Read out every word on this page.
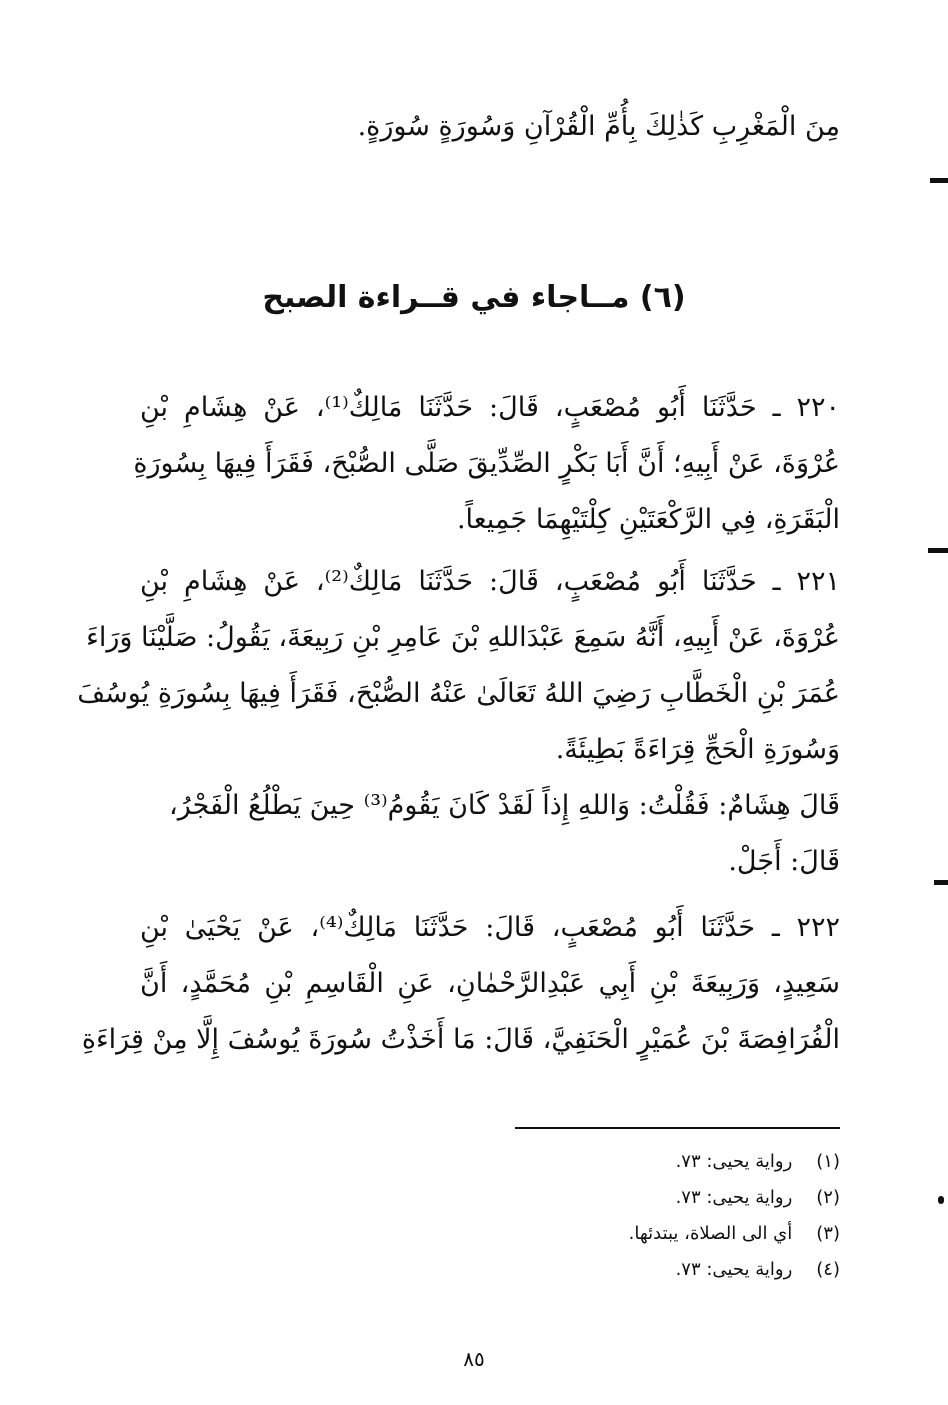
مِنَ الْمَغْرِبِ كَذٰلِكَ بِأُمِّ الْقُرْآنِ وَسُورَةٍ سُورَةٍ.
(٦) مــاجاء في قــراءة الصبح
٢٢٠ ـ حَدَّثَنَا أَبُو مُصْعَبٍ، قَالَ: حَدَّثَنَا مَالِكٌ⁽¹⁾، عَنْ هِشَامِ بْنِ
عُرْوَةَ، عَنْ أَبِيهِ؛ أَنَّ أَبَا بَكْرٍ الصِّدِّيقَ صَلَّى الصُّبْحَ، فَقَرَأَ فِيهَا بِسُورَةِ
الْبَقَرَةِ، فِي الرَّكْعَتَيْنِ كِلْتَيْهِمَا جَمِيعاً.
٢٢١ ـ حَدَّثَنَا أَبُو مُصْعَبٍ، قَالَ: حَدَّثَنَا مَالِكٌ⁽²⁾، عَنْ هِشَامِ بْنِ
عُرْوَةَ، عَنْ أَبِيهِ، أَنَّهُ سَمِعَ عَبْدَاللهِ بْنَ عَامِرِ بْنِ رَبِيعَةَ، يَقُولُ: صَلَّيْنَا وَرَاءَ
عُمَرَ بْنِ الْخَطَّابِ رَضِيَ اللهُ تَعَالَىٰ عَنْهُ الصُّبْحَ، فَقَرَأَ فِيهَا بِسُورَةِ يُوسُفَ
وَسُورَةِ الْحَجِّ قِرَاءَةً بَطِيئَةً.
قَالَ هِشَامٌ: فَقُلْتُ: وَاللهِ إِذاً لَقَدْ كَانَ يَقُومُ⁽³⁾ حِينَ يَطْلُعُ الْفَجْرُ،
قَالَ: أَجَلْ.
٢٢٢ ـ حَدَّثَنَا أَبُو مُصْعَبٍ، قَالَ: حَدَّثَنَا مَالِكٌ⁽⁴⁾، عَنْ يَحْيَىٰ بْنِ
سَعِيدٍ، وَرَبِيعَةَ بْنِ أَبِي عَبْدِالرَّحْمٰانِ، عَنِ الْقَاسِمِ بْنِ مُحَمَّدٍ، أَنَّ
الْفُرَافِصَةَ بْنَ عُمَيْرٍ الْحَنَفِيَّ، قَالَ: مَا أَخَذْتُ سُورَةَ يُوسُفَ إِلَّا مِنْ قِرَاءَةِ
(١) رواية يحيى: ٧٣.
(٢) رواية يحيى: ٧٣.
(٣) أي الى الصلاة، يبتدئها.
(٤) رواية يحيى: ٧٣.
٨٥
